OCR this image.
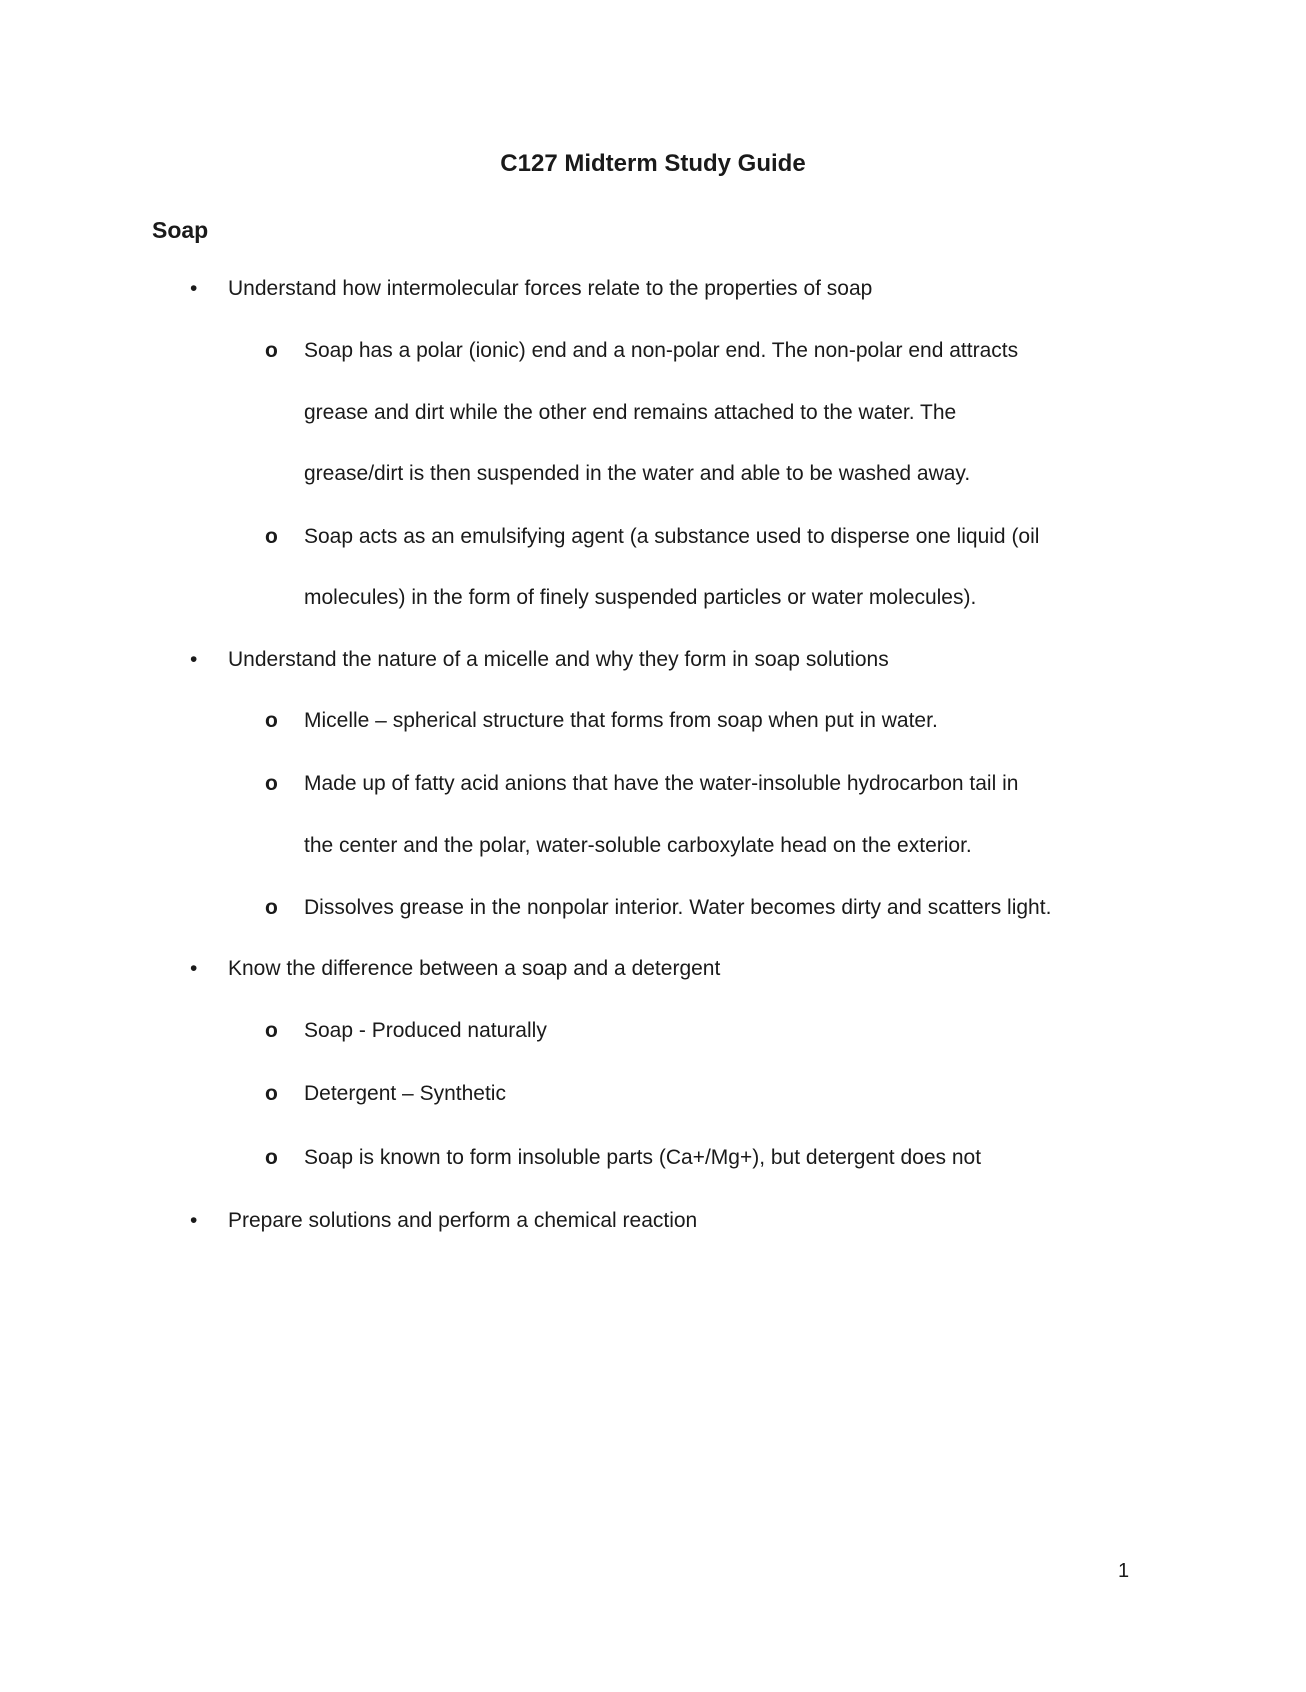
C127 Midterm Study Guide
Soap
• Understand how intermolecular forces relate to the properties of soap
o Soap has a polar (ionic) end and a non-polar end. The non-polar end attracts
grease and dirt while the other end remains attached to the water. The
grease/dirt is then suspended in the water and able to be washed away.
o Soap acts as an emulsifying agent (a substance used to disperse one liquid (oil
molecules) in the form of finely suspended particles or water molecules).
• Understand the nature of a micelle and why they form in soap solutions
o Micelle – spherical structure that forms from soap when put in water.
o Made up of fatty acid anions that have the water-insoluble hydrocarbon tail in
the center and the polar, water-soluble carboxylate head on the exterior.
o Dissolves grease in the nonpolar interior. Water becomes dirty and scatters light.
• Know the difference between a soap and a detergent
o Soap - Produced naturally
o Detergent – Synthetic
o Soap is known to form insoluble parts (Ca+/Mg+), but detergent does not
• Prepare solutions and perform a chemical reaction

1
